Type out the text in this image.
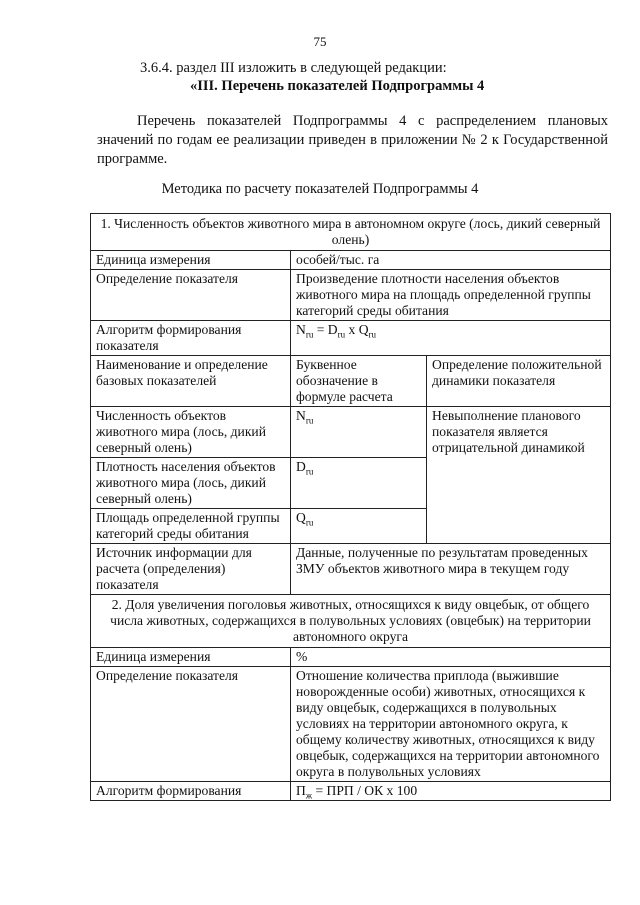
75
3.6.4. раздел III изложить в следующей редакции:
«III. Перечень показателей Подпрограммы 4
Перечень показателей Подпрограммы 4 с распределением плановых значений по годам ее реализации приведен в приложении № 2 к Государственной программе.
Методика по расчету показателей Подпрограммы 4
1. Численность объектов животного мира в автономном округе (лось, дикий северный олень)		
Единица измерения	особей/тыс. га	
Определение показателя	Произведение плотности населения объектов животного мира на площадь определенной группы категорий среды обитания	
Алгоритм формирования показателя	$N_{ru} = D_{ru}$ х $Q_{ru}$
Наименование и определение базовых показателей	Буквенное обозначение в формуле расчета	Определение положительной динамики показателя
Численность объектов животного мира (лось, дикий северный олень)	$N_{ru}$	Невыполнение планового показателя является отрицательной динамикой
Плотность населения объектов животного мира (лось, дикий северный олень)	$D_{ru}$
Площадь определенной группы категорий среды обитания	$Q_{ru}$
Источник информации для расчета (определения) показателя	Данные, полученные по результатам проведенных ЗМУ объектов животного мира в текущем году	
2. Доля увеличения поголовья животных, относящихся к виду овцебык, от общего числа животных, содержащихся в полувольных условиях (овцебык) на территории автономного округа		
Единица измерения	%	
Определение показателя	Отношение количества приплода (выжившие новорожденные особи) животных, относящихся к виду овцебык, содержащихся в полувольных условиях на территории автономного округа, к общему количеству животных, относящихся к виду овцебык, содержащихся на территории автономного округа в полувольных условиях	
Алгоритм формирования	$П_ж$ = ПРП / ОК х 100	
